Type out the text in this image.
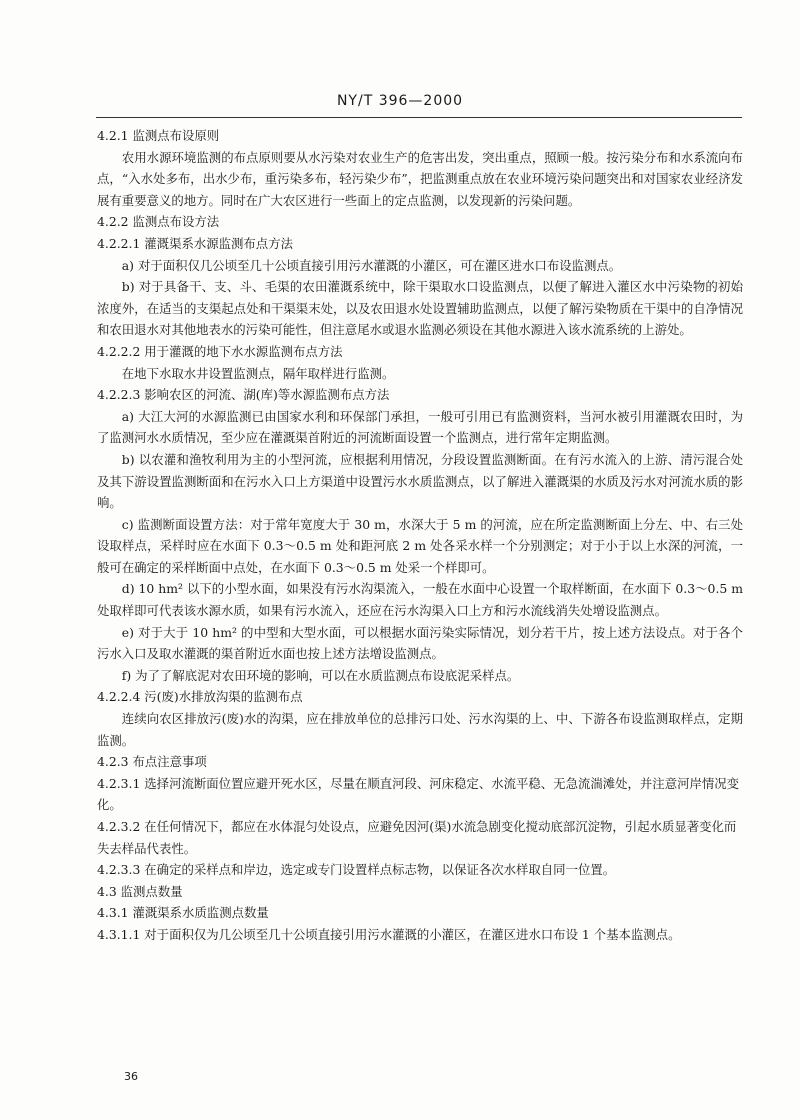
NY/T 396—2000

4.2.1 监测点布设原则

农用水源环境监测的布点原则要从水污染对农业生产的危害出发，突出重点，照顾一般。按污染分布和水系流向布点，“入水处多布，出水少布，重污染多布，轻污染少布”，把监测重点放在农业环境污染问题突出和对国家农业经济发展有重要意义的地方。同时在广大农区进行一些面上的定点监测，以发现新的污染问题。

4.2.2 监测点布设方法

4.2.2.1 灌溉渠系水源监测布点方法

a) 对于面积仅几公顷至几十公顷直接引用污水灌溉的小灌区，可在灌区进水口布设监测点。

b) 对于具备干、支、斗、毛渠的农田灌溉系统中，除干渠取水口设监测点，以便了解进入灌区水中污染物的初始浓度外，在适当的支渠起点处和干渠渠末处，以及农田退水处设置辅助监测点，以便了解污染物质在干渠中的自净情况和农田退水对其他地表水的污染可能性，但注意尾水或退水监测必须设在其他水源进入该水流系统的上游处。

4.2.2.2 用于灌溉的地下水水源监测布点方法

在地下水取水井设置监测点，隔年取样进行监测。

4.2.2.3 影响农区的河流、湖(库)等水源监测布点方法

a) 大江大河的水源监测已由国家水利和环保部门承担，一般可引用已有监测资料，当河水被引用灌溉农田时，为了监测河水水质情况，至少应在灌溉渠首附近的河流断面设置一个监测点，进行常年定期监测。

b) 以农灌和渔牧利用为主的小型河流，应根据利用情况，分段设置监测断面。在有污水流入的上游、清污混合处及其下游设置监测断面和在污水入口上方渠道中设置污水水质监测点，以了解进入灌溉渠的水质及污水对河流水质的影响。

c) 监测断面设置方法：对于常年宽度大于 30 m，水深大于 5 m 的河流，应在所定监测断面上分左、中、右三处设取样点，采样时应在水面下 0.3～0.5 m 处和距河底 2 m 处各采水样一个分别测定；对于小于以上水深的河流，一般可在确定的采样断面中点处，在水面下 0.3～0.5 m 处采一个样即可。

d) 10 hm² 以下的小型水面，如果没有污水沟渠流入，一般在水面中心设置一个取样断面，在水面下 0.3～0.5 m 处取样即可代表该水源水质，如果有污水流入，还应在污水沟渠入口上方和污水流线消失处增设监测点。

e) 对于大于 10 hm² 的中型和大型水面，可以根据水面污染实际情况，划分若干片，按上述方法设点。对于各个污水入口及取水灌溉的渠首附近水面也按上述方法增设监测点。

f) 为了了解底泥对农田环境的影响，可以在水质监测点布设底泥采样点。

4.2.2.4 污(废)水排放沟渠的监测布点

连续向农区排放污(废)水的沟渠，应在排放单位的总排污口处、污水沟渠的上、中、下游各布设监测取样点，定期监测。

4.2.3 布点注意事项

4.2.3.1 选择河流断面位置应避开死水区，尽量在顺直河段、河床稳定、水流平稳、无急流湍滩处，并注意河岸情况变化。

4.2.3.2 在任何情况下，都应在水体混匀处设点，应避免因河(渠)水流急剧变化搅动底部沉淀物，引起水质显著变化而失去样品代表性。

4.2.3.3 在确定的采样点和岸边，选定或专门设置样点标志物，以保证各次水样取自同一位置。

4.3 监测点数量

4.3.1 灌溉渠系水质监测点数量

4.3.1.1 对于面积仅为几公顷至几十公顷直接引用污水灌溉的小灌区，在灌区进水口布设 1 个基本监测点。

36
